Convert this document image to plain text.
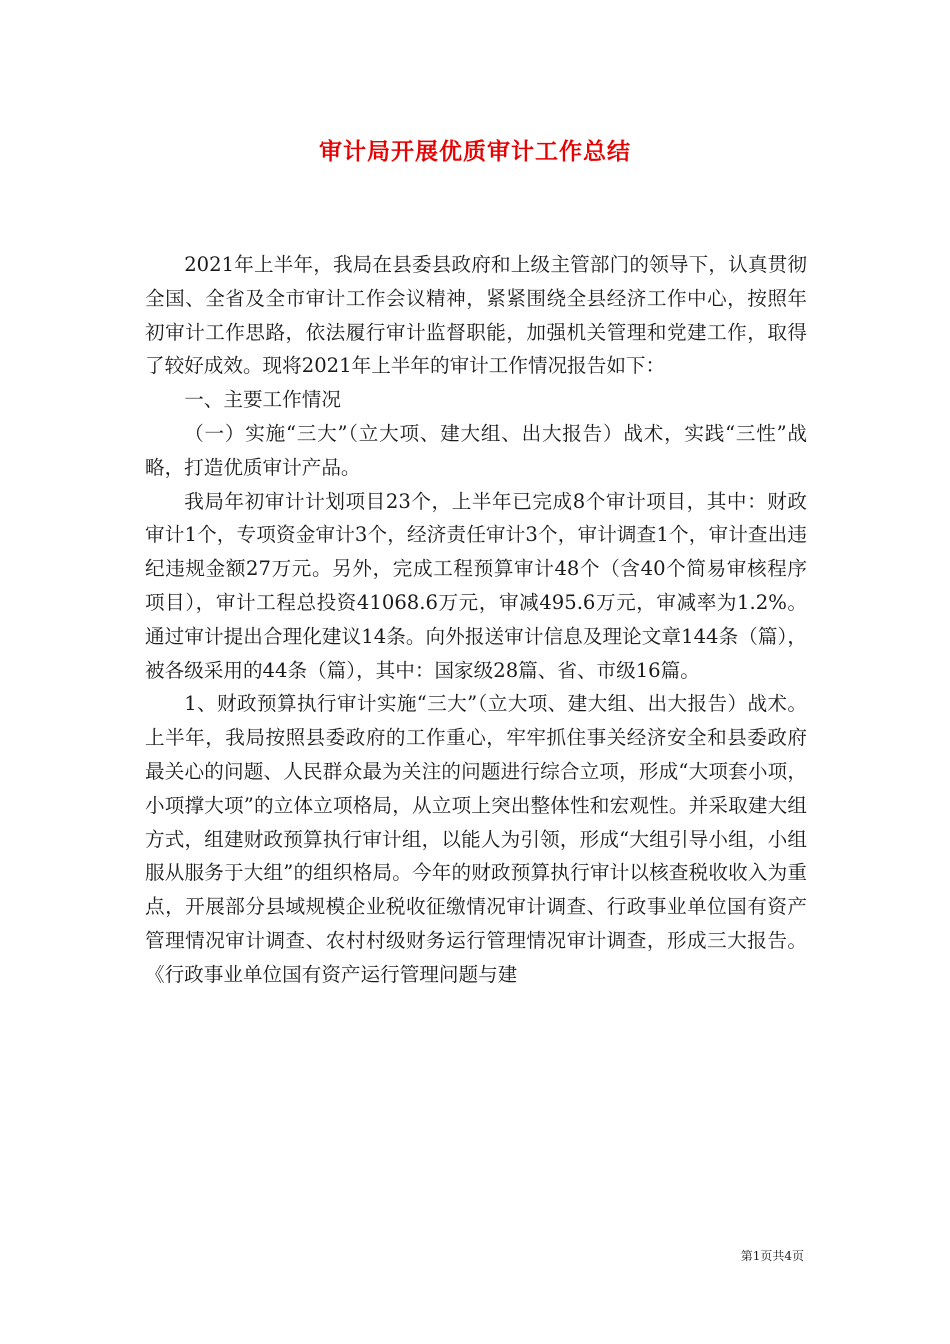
审计局开展优质审计工作总结

2021年上半年，我局在县委县政府和上级主管部门的领导下，认真贯彻全国、全省及全市审计工作会议精神，紧紧围绕全县经济工作中心，按照年初审计工作思路，依法履行审计监督职能，加强机关管理和党建工作，取得了较好成效。现将2021年上半年的审计工作情况报告如下：

一、主要工作情况

（一）实施“三大”（立大项、建大组、出大报告）战术，实践“三性”战略，打造优质审计产品。

我局年初审计计划项目23个，上半年已完成8个审计项目，其中：财政审计1个，专项资金审计3个，经济责任审计3个，审计调查1个，审计查出违纪违规金额27万元。另外，完成工程预算审计48个（含40个简易审核程序项目），审计工程总投资41068.6万元，审减495.6万元，审减率为1.2%。通过审计提出合理化建议14条。向外报送审计信息及理论文章144条（篇），被各级采用的44条（篇），其中：国家级28篇、省、市级16篇。

1、财政预算执行审计实施“三大”（立大项、建大组、出大报告）战术。上半年，我局按照县委政府的工作重心，牢牢抓住事关经济安全和县委政府最关心的问题、人民群众最为关注的问题进行综合立项，形成“大项套小项，小项撑大项”的立体立项格局，从立项上突出整体性和宏观性。并采取建大组方式，组建财政预算执行审计组，以能人为引领，形成“大组引导小组，小组服从服务于大组”的组织格局。今年的财政预算执行审计以核查税收收入为重点，开展部分县域规模企业税收征缴情况审计调查、行政事业单位国有资产管理情况审计调查、农村村级财务运行管理情况审计调查，形成三大报告。《行政事业单位国有资产运行管理问题与建

第1页共4页
